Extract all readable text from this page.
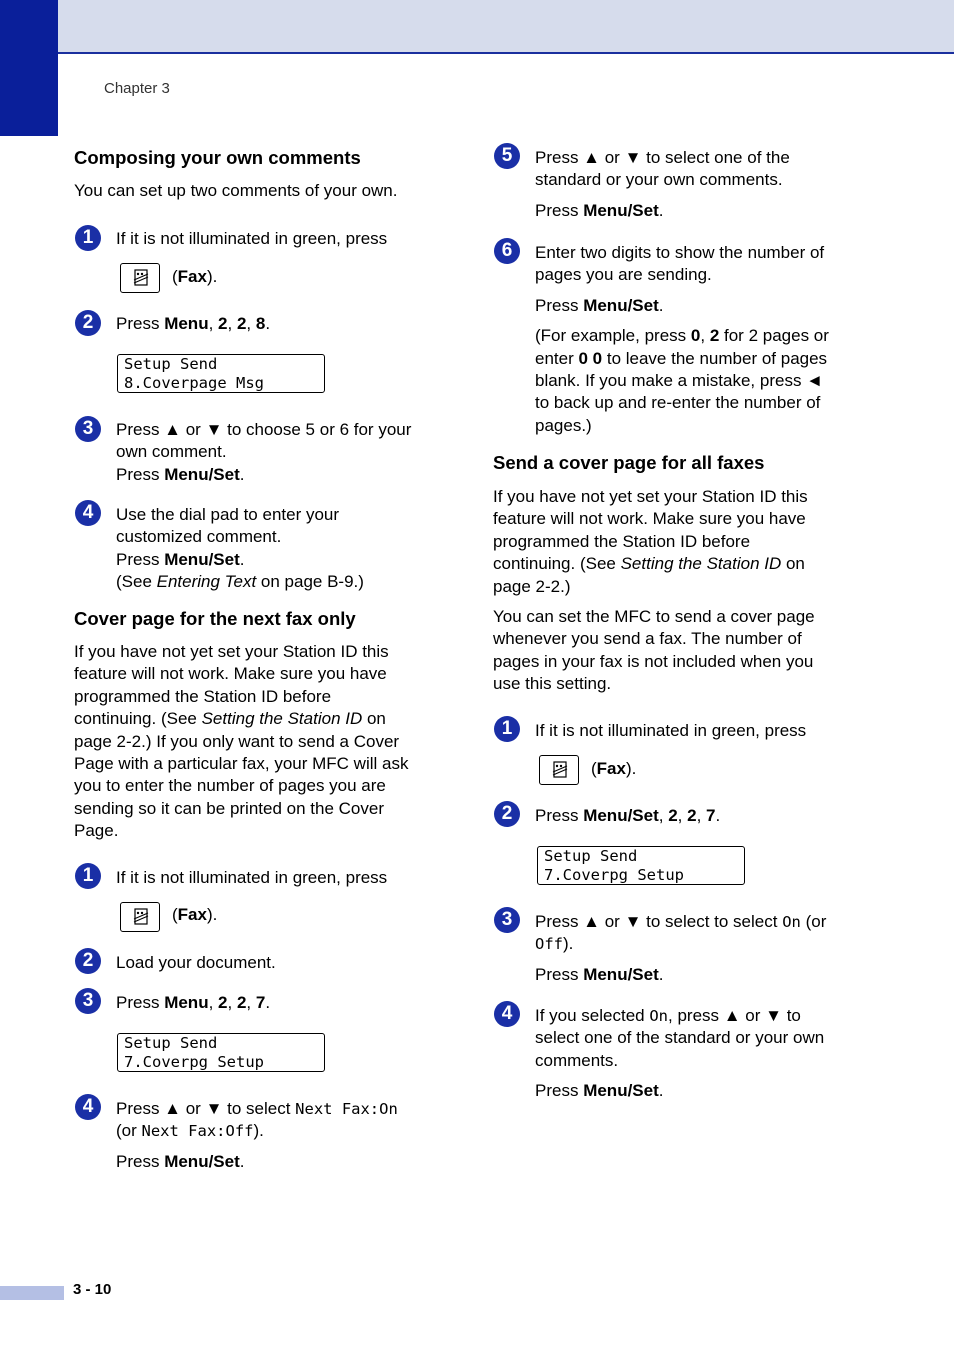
Chapter 3
Composing your own comments
You can set up two comments of your own.
1	If it is not illuminated in green, press
(Fax).
2	Press Menu, 2, 2, 8.
Setup Send
8.Coverpage Msg
3	Press ▲ or ▼ to choose 5 or 6 for your
own comment.
Press Menu/Set.
4	Use the dial pad to enter your
customized comment.
Press Menu/Set.
(See Entering Text on page B-9.)
Cover page for the next fax only
If you have not yet set your Station ID this
feature will not work. Make sure you have
programmed the Station ID before
continuing. (See Setting the Station ID on
page 2-2.) If you only want to send a Cover
Page with a particular fax, your MFC will ask
you to enter the number of pages you are
sending so it can be printed on the Cover
Page.
1	If it is not illuminated in green, press
(Fax).
2	Load your document.
3	Press Menu, 2, 2, 7.
Setup Send
7.Coverpg Setup
4	Press ▲ or ▼ to select Next Fax:On
(or Next Fax:Off).
Press Menu/Set.
5	Press ▲ or ▼ to select one of the
standard or your own comments.
Press Menu/Set.
6	Enter two digits to show the number of
pages you are sending.
Press Menu/Set.
(For example, press 0, 2 for 2 pages or
enter 0 0 to leave the number of pages
blank. If you make a mistake, press ◄
to back up and re-enter the number of
pages.)
Send a cover page for all faxes
If you have not yet set your Station ID this
feature will not work. Make sure you have
programmed the Station ID before
continuing. (See Setting the Station ID on
page 2-2.)
You can set the MFC to send a cover page
whenever you send a fax. The number of
pages in your fax is not included when you
use this setting.
1	If it is not illuminated in green, press
(Fax).
2	Press Menu/Set, 2, 2, 7.
Setup Send
7.Coverpg Setup
3	Press ▲ or ▼ to select to select On (or
Off).
Press Menu/Set.
4	If you selected On, press ▲ or ▼ to
select one of the standard or your own
comments.
Press Menu/Set.
3 - 10
